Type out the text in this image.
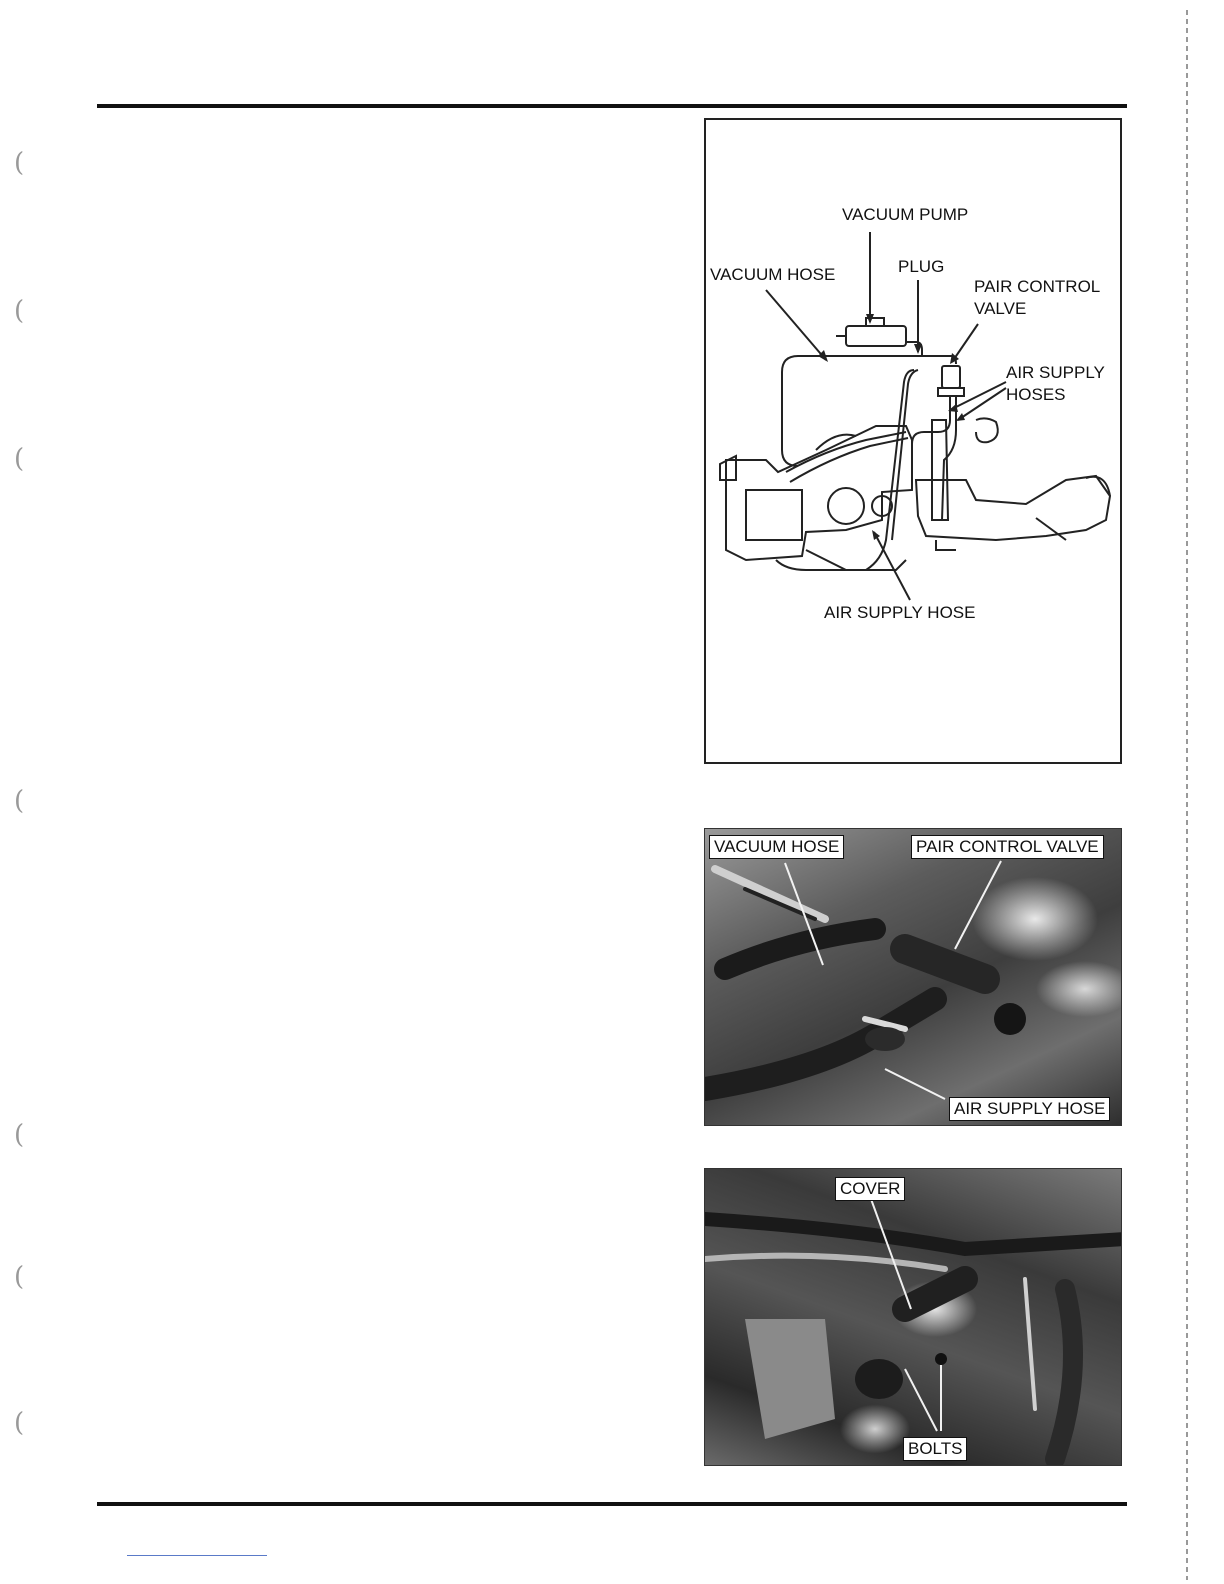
(
(
(
(
(
(
(
VACUUM PUMP
PLUG
VACUUM HOSE
PAIR CONTROL
VALVE
AIR SUPPLY
HOSES
AIR SUPPLY HOSE
VACUUM HOSE	PAIR CONTROL VALVE
AIR SUPPLY HOSE
COVER
BOLTS
